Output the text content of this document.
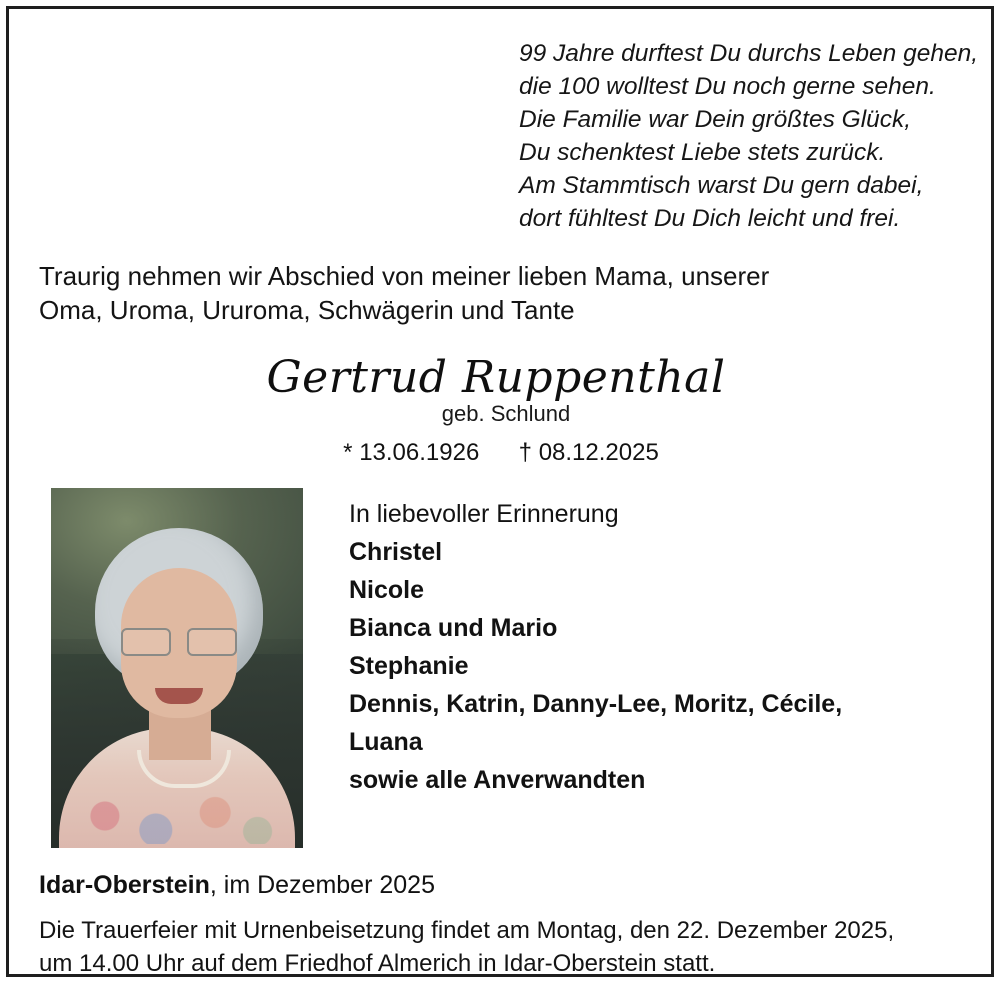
99 Jahre durftest Du durchs Leben gehen,
die 100 wolltest Du noch gerne sehen.
Die Familie war Dein größtes Glück,
Du schenktest Liebe stets zurück.
Am Stammtisch warst Du gern dabei,
dort fühltest Du Dich leicht und frei.
Traurig nehmen wir Abschied von meiner lieben Mama, unserer
Oma, Uroma, Ururoma, Schwägerin und Tante
Gertrud Ruppenthal
geb. Schlund
* 13.06.1926 † 08.12.2025
In liebevoller Erinnerung
Christel
Nicole
Bianca und Mario
Stephanie
Dennis, Katrin, Danny-Lee, Moritz, Cécile,
Luana
sowie alle Anverwandten
Idar-Oberstein, im Dezember 2025
Die Trauerfeier mit Urnenbeisetzung findet am Montag, den 22. Dezember 2025,
um 14.00 Uhr auf dem Friedhof Almerich in Idar-Oberstein statt.
